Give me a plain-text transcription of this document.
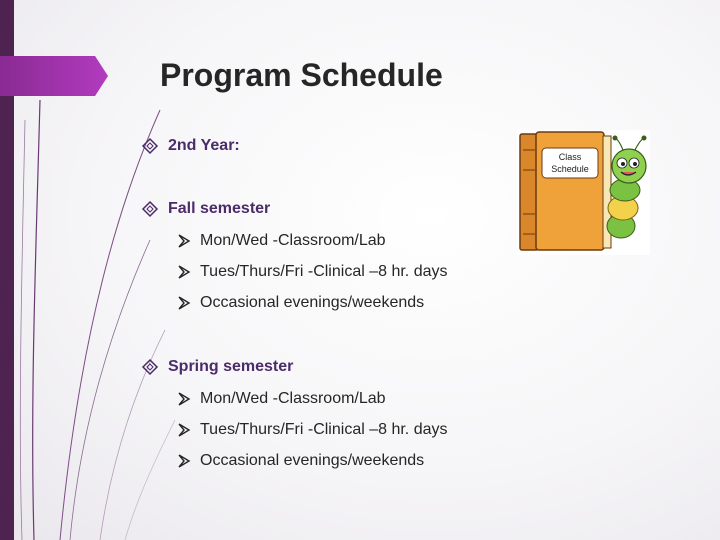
Program Schedule
2nd Year:
Fall semester
Mon/Wed -Classroom/Lab
Tues/Thurs/Fri -Clinical –8 hr. days
Occasional evenings/weekends
Spring semester
Mon/Wed -Classroom/Lab
Tues/Thurs/Fri -Clinical –8 hr. days
Occasional evenings/weekends
Class
Schedule
